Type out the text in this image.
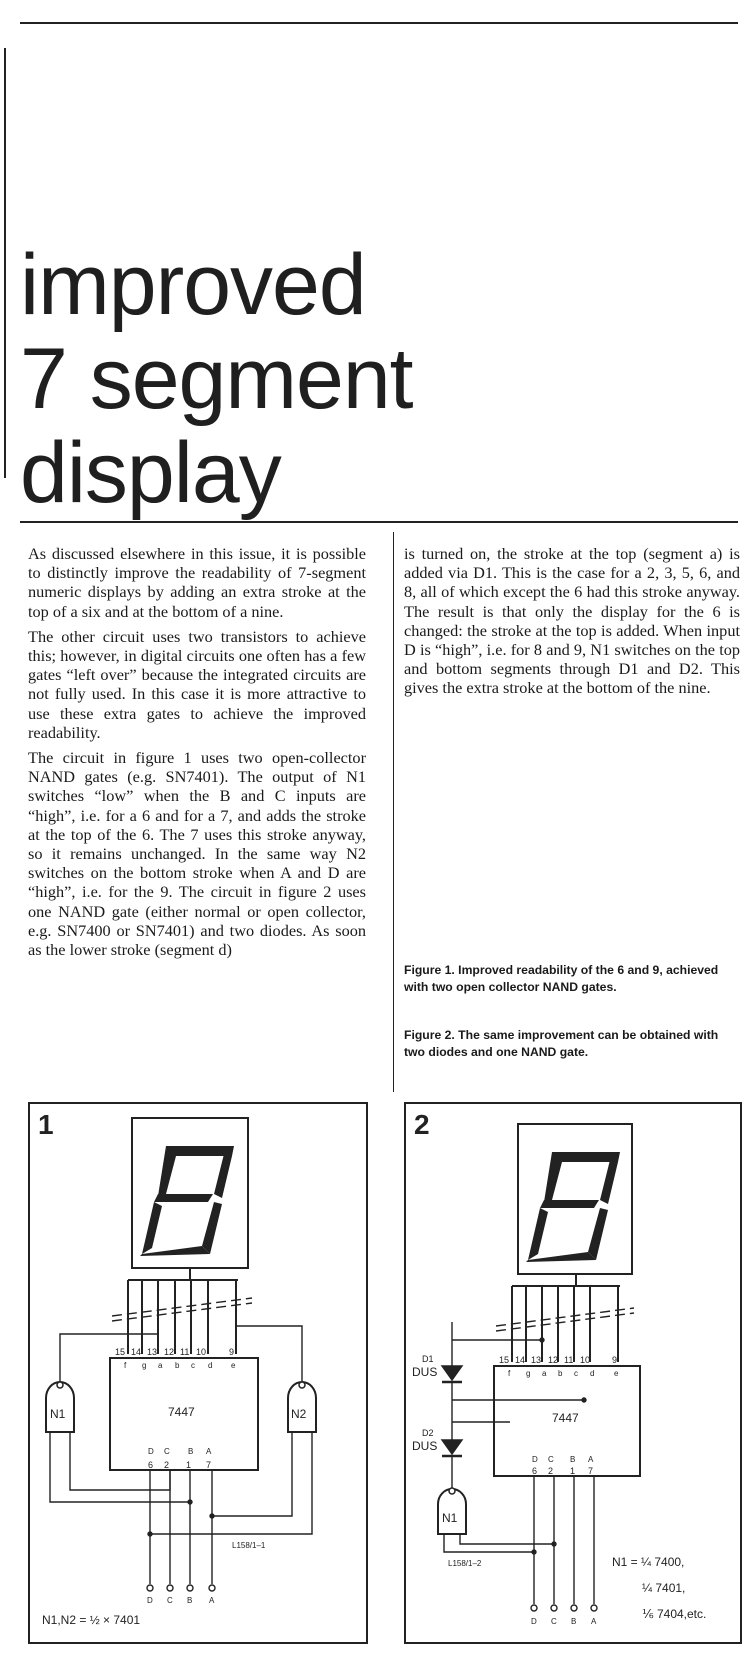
improved
7 segment
display

As discussed elsewhere in this issue, it is possible to distinctly improve the readability of 7-segment numeric displays by adding an extra stroke at the top of a six and at the bottom of a nine.

The other circuit uses two transistors to achieve this; however, in digital circuits one often has a few gates “left over” because the integrated circuits are not fully used. In this case it is more attractive to use these extra gates to achieve the improved readability.

The circuit in figure 1 uses two open-collector NAND gates (e.g. SN7401). The output of N1 switches “low” when the B and C inputs are “high”, i.e. for a 6 and for a 7, and adds the stroke at the top of the 6. The 7 uses this stroke anyway, so it remains unchanged. In the same way N2 switches on the bottom stroke when A and D are “high”, i.e. for the 9. The circuit in figure 2 uses one NAND gate (either normal or open collector, e.g. SN7400 or SN7401) and two diodes. As soon as the lower stroke (segment d)

is turned on, the stroke at the top (segment a) is added via D1. This is the case for a 2, 3, 5, 6, and 8, all of which except the 6 had this stroke anyway. The result is that only the display for the 6 is changed: the stroke at the top is added. When input D is “high”, i.e. for 8 and 9, N1 switches on the top and bottom segments through D1 and D2. This gives the extra stroke at the bottom of the nine.

Figure 1. Improved readability of the 6 and 9, achieved with two open collector NAND gates.

Figure 2. The same improvement can be obtained with two diodes and one NAND gate.

1
15 14 13 12 11 10	9
f g a b c d e
7447
D C B A
6 2 1 7
N1	N2
D C B A
L158/1–1
N1,N2 = ½ × 7401
2
D1
DUS
D2
DUS
15 14 13 12 11 10 9
f g a b c d e
7447
D C B A
6 2 1 7
N1
D C B A
L158/1–2	N1 = ¼ 7400,
¼ 7401,
⅙ 7404,etc.
